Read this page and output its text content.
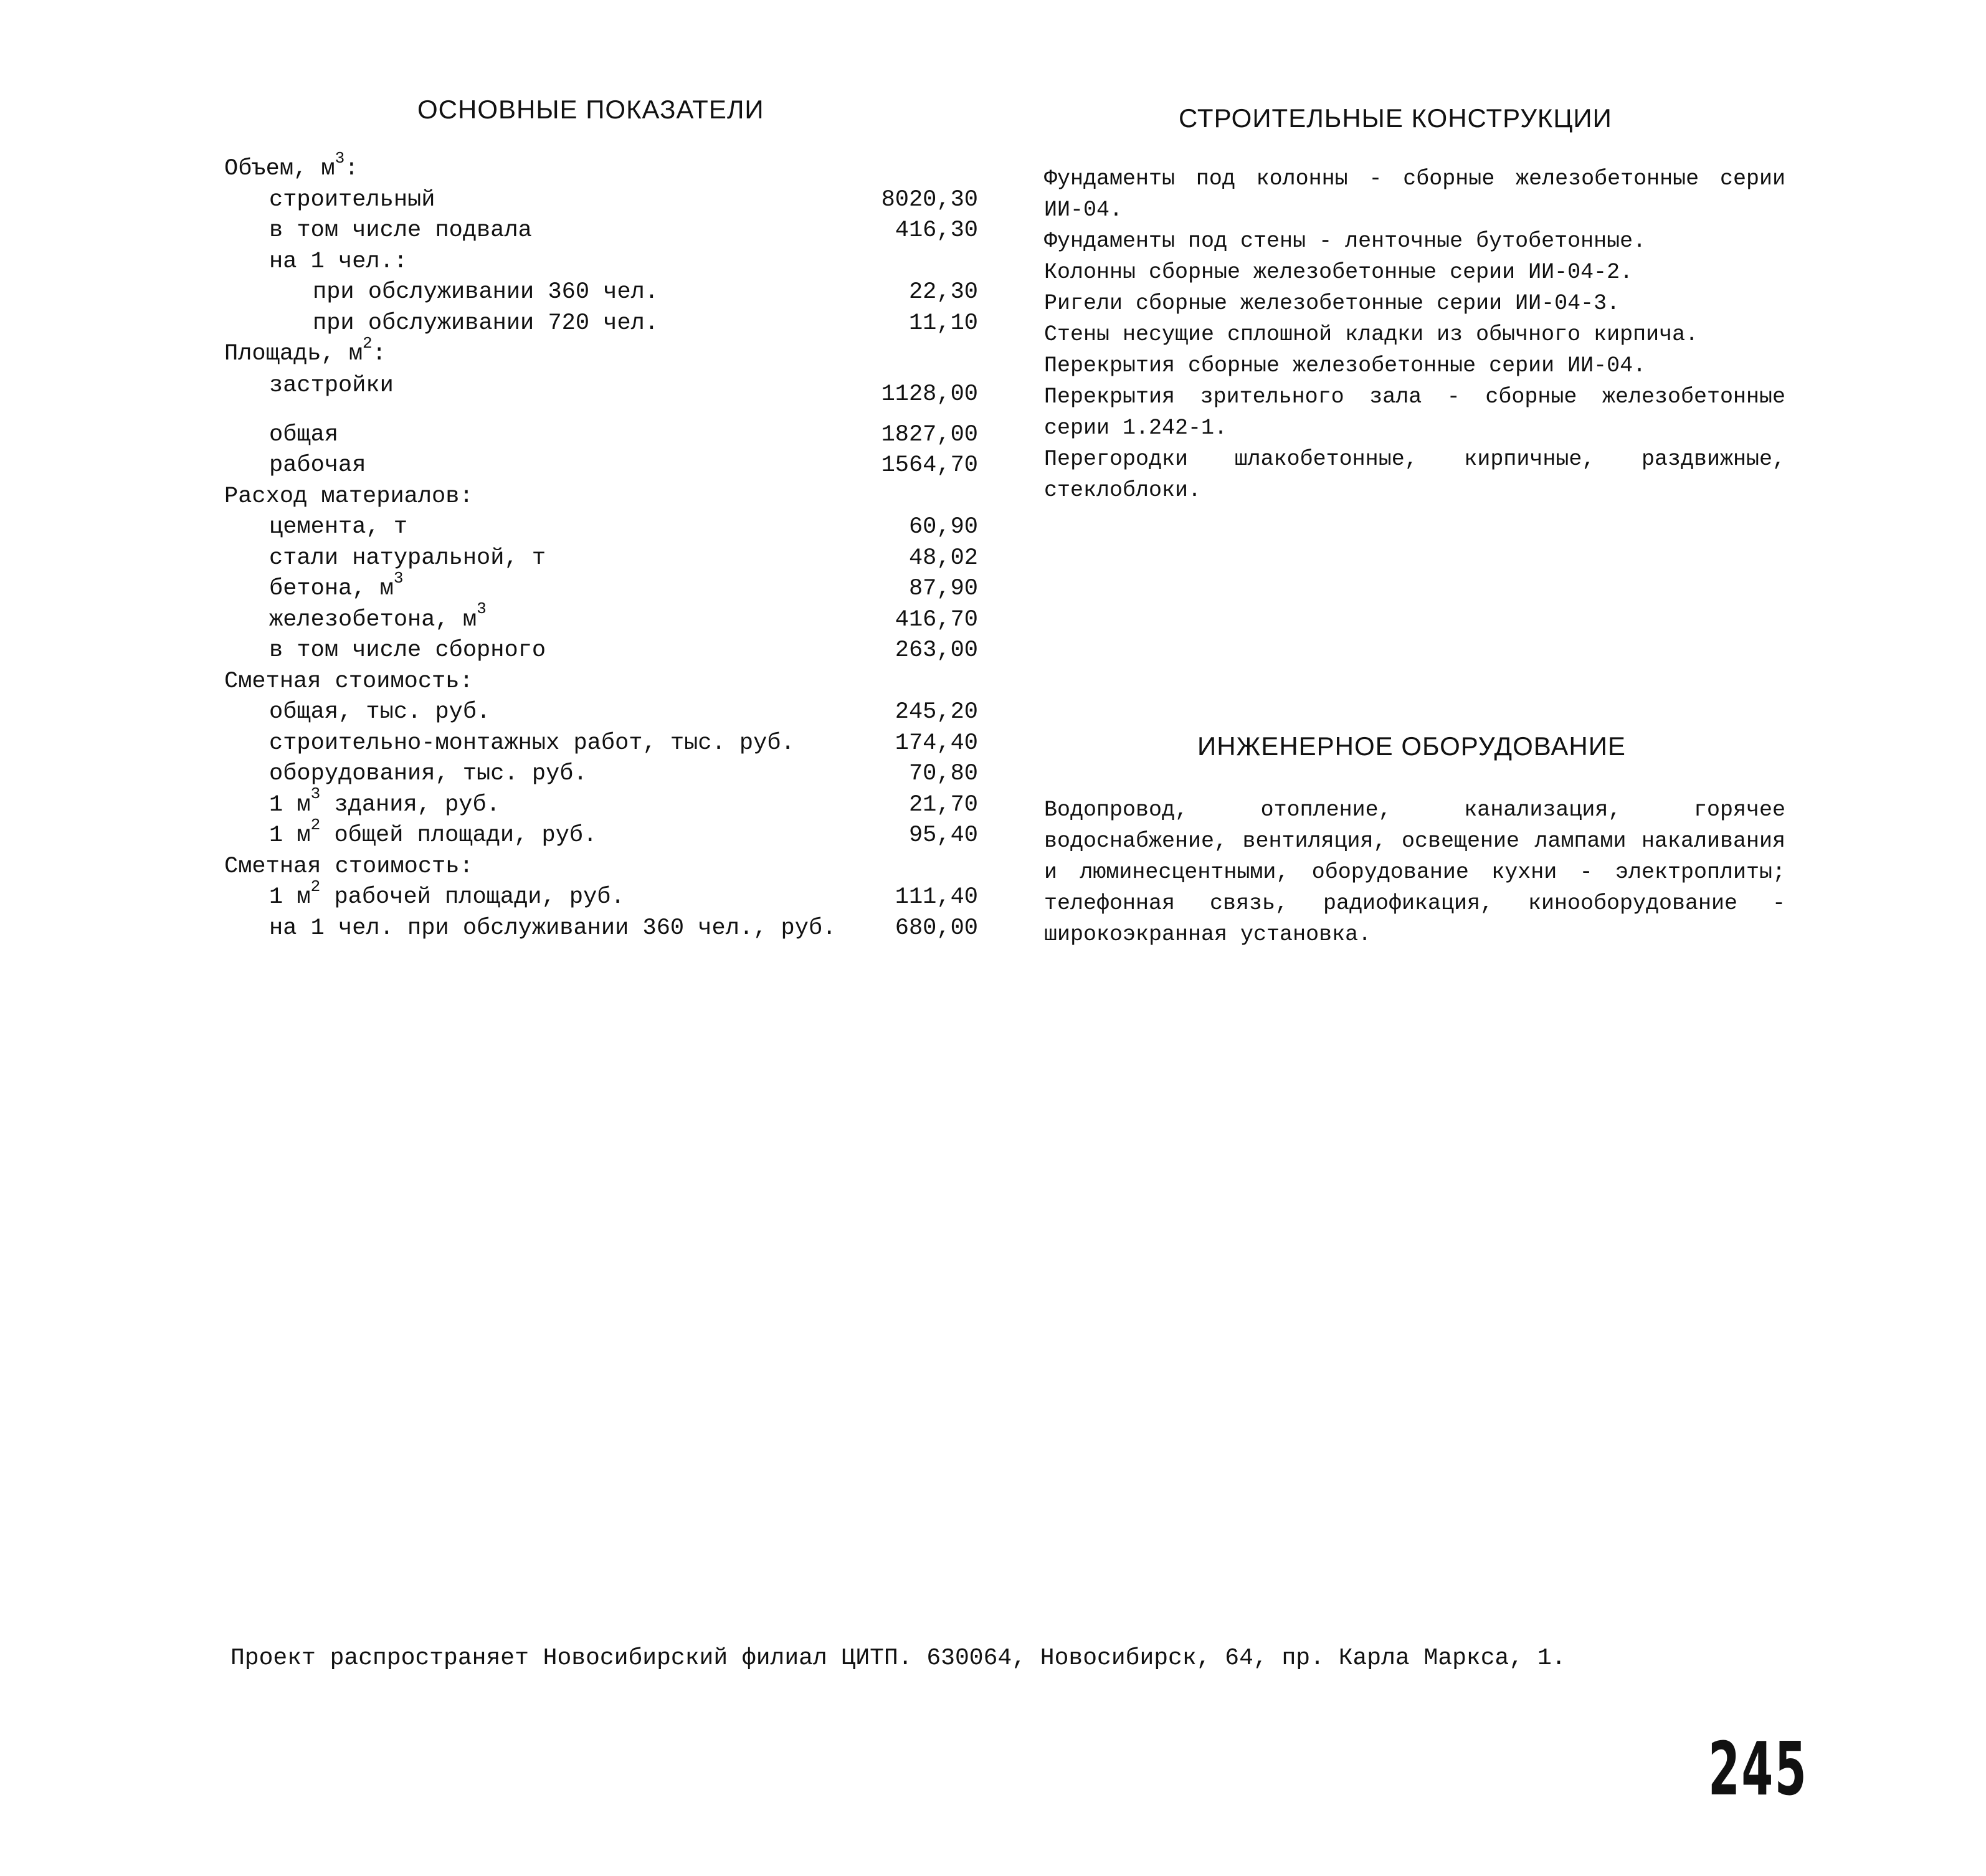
ОСНОВНЫЕ ПОКАЗАТЕЛИ	СТРОИТЕЛЬНЫЕ КОНСТРУКЦИИ
ИНЖЕНЕРНОЕ ОБОРУДОВАНИЕ
Объем, $м^3$:
строительный	8020,30
в том числе подвала	416,30
на 1 чел.:
при обслуживании 360 чел.	22,30
при обслуживании 720 чел.	11,10
Площадь, $м^2$:
застройки	1128,00
общая	1827,00
рабочая	1564,70
Расход материалов:
цемента, т	60,90
стали натуральной, т	48,02
бетона, $м^3$	87,90
железобетона, $м^3$	416,70
в том числе сборного	263,00
Сметная стоимость:
общая, тыс. руб.	245,20
строительно-монтажных работ, тыс. руб.	174,40
оборудования, тыс. руб.	70,80
1 $м^3$ здания, руб.	21,70
1 $м^2$ общей площади, руб.	95,40
Сметная стоимость:
1 $м^2$ рабочей площади, руб.	111,40
на 1 чел. при обслуживании 360 чел., руб.	680,00
Фундаменты под колонны - сборные железобетонные серии ИИ-04.
Фундаменты под стены - ленточные бутобетонные.
Колонны сборные железобетонные серии ИИ-04-2.
Ригели сборные железобетонные серии ИИ-04-3.
Стены несущие сплошной кладки из обычного кирпича.
Перекрытия сборные железобетонные серии ИИ-04.
Перекрытия зрительного зала - сборные железобетонные серии 1.242-1.
Перегородки шлакобетонные, кирпичные, раздвижные, стеклоблоки.
Водопровод, отопление, канализация, горячее водоснабжение, вентиляция, освещение лампами накаливания и люминесцентными, оборудование кухни - электроплиты; телефонная связь, радиофикация, кинооборудование - широкоэкранная установка.
Проект распространяет Новосибирский филиал ЦИТП. 630064, Новосибирск, 64, пр. Карла Маркса, 1.
245
